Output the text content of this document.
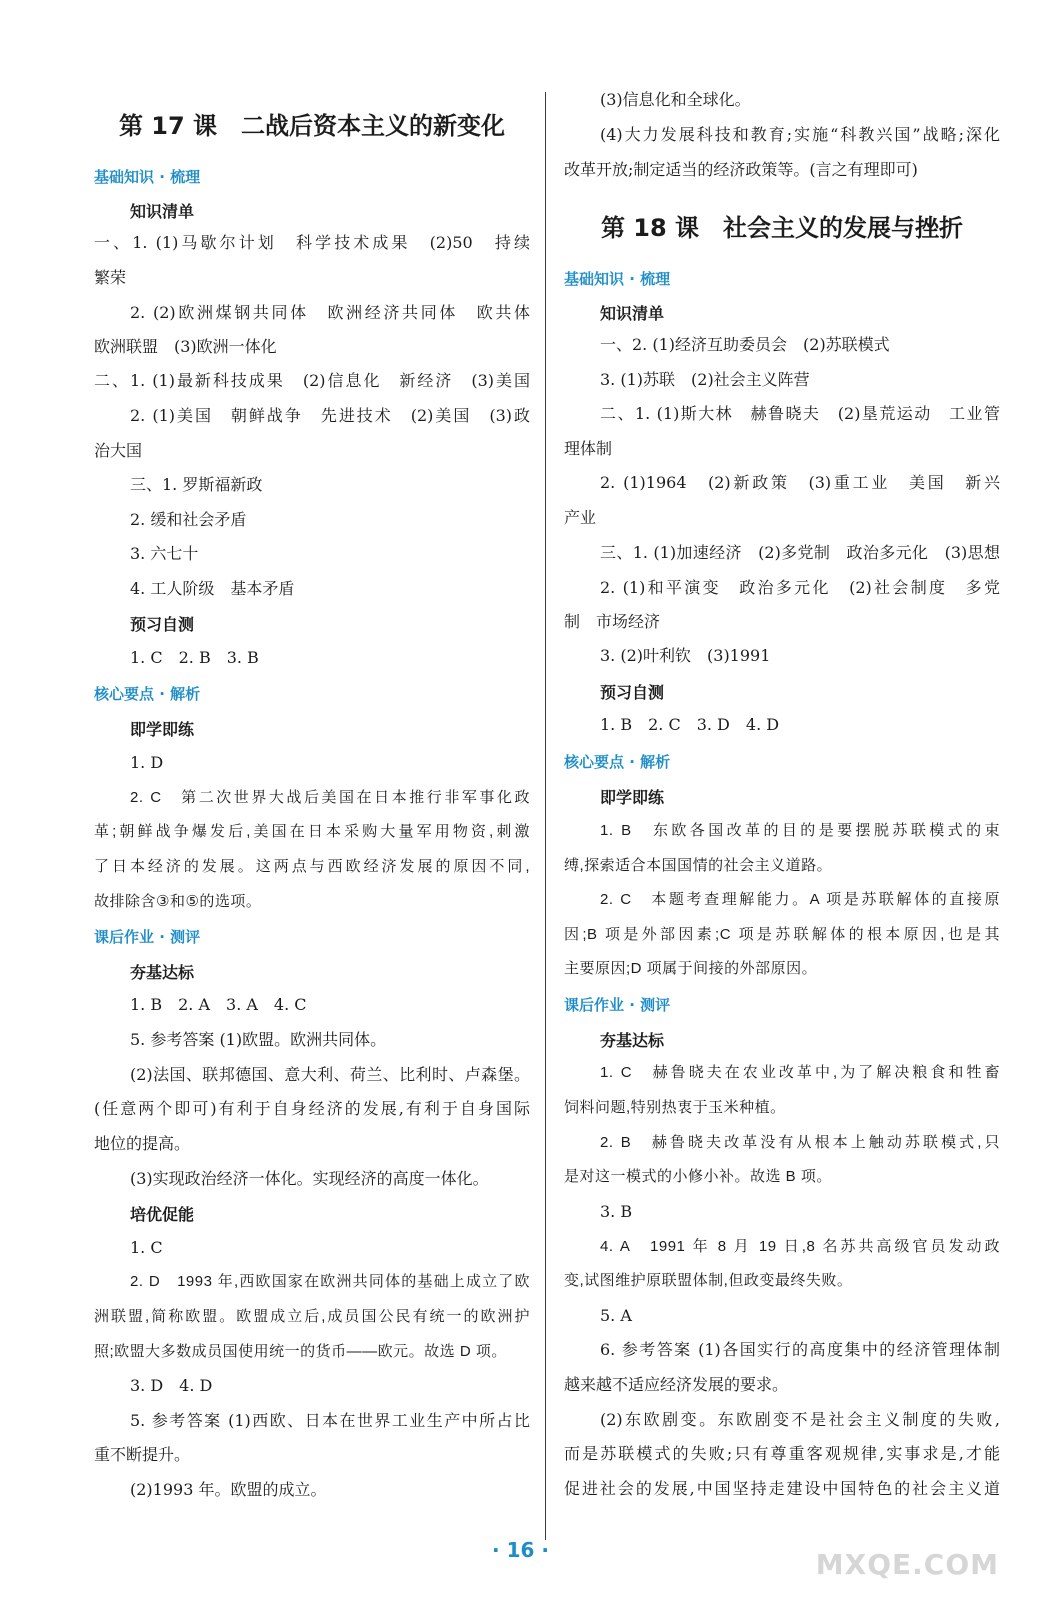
第 17 课　二战后资本主义的新变化
基础知识 · 梳理
知识清单
一、1. (1)马歇尔计划　科学技术成果　(2)50　持续
繁荣
2. (2)欧洲煤钢共同体　欧洲经济共同体　欧共体
欧洲联盟　(3)欧洲一体化
二、1. (1)最新科技成果　(2)信息化　新经济　(3)美国
2. (1)美国　朝鲜战争　先进技术　(2)美国　(3)政
治大国
三、1. 罗斯福新政
2. 缓和社会矛盾
3. 六七十
4. 工人阶级　基本矛盾
预习自测
1. C　2. B　3. B
核心要点 · 解析
即学即练
1. D
2. C　第二次世界大战后美国在日本推行非军事化政
革;朝鲜战争爆发后,美国在日本采购大量军用物资,刺激
了日本经济的发展。这两点与西欧经济发展的原因不同,
故排除含③和⑤的选项。
课后作业 · 测评
夯基达标
1. B　2. A　3. A　4. C
5. 参考答案 (1)欧盟。欧洲共同体。
(2)法国、联邦德国、意大利、荷兰、比利时、卢森堡。
(任意两个即可)有利于自身经济的发展,有利于自身国际
地位的提高。
(3)实现政治经济一体化。实现经济的高度一体化。
培优促能
1. C
2. D　1993 年,西欧国家在欧洲共同体的基础上成立了欧
洲联盟,简称欧盟。欧盟成立后,成员国公民有统一的欧洲护
照;欧盟大多数成员国使用统一的货币——欧元。故选 D 项。
3. D　4. D
5. 参考答案 (1)西欧、日本在世界工业生产中所占比
重不断提升。
(2)1993 年。欧盟的成立。
(3)信息化和全球化。
(4)大力发展科技和教育;实施“科教兴国”战略;深化
改革开放;制定适当的经济政策等。(言之有理即可)
第 18 课　社会主义的发展与挫折
基础知识 · 梳理
知识清单
一、2. (1)经济互助委员会　(2)苏联模式
3. (1)苏联　(2)社会主义阵营
二、1. (1)斯大林　赫鲁晓夫　(2)垦荒运动　工业管
理体制
2. (1)1964　(2)新政策　(3)重工业　美国　新兴
产业
三、1. (1)加速经济　(2)多党制　政治多元化　(3)思想
2. (1)和平演变　政治多元化　(2)社会制度　多党
制　市场经济
3. (2)叶利钦　(3)1991
预习自测
1. B　2. C　3. D　4. D
核心要点 · 解析
即学即练
1. B　东欧各国改革的目的是要摆脱苏联模式的束
缚,探索适合本国国情的社会主义道路。
2. C　本题考查理解能力。A 项是苏联解体的直接原
因;B 项是外部因素;C 项是苏联解体的根本原因,也是其
主要原因;D 项属于间接的外部原因。
课后作业 · 测评
夯基达标
1. C　赫鲁晓夫在农业改革中,为了解决粮食和牲畜
饲料问题,特别热衷于玉米种植。
2. B　赫鲁晓夫改革没有从根本上触动苏联模式,只
是对这一模式的小修小补。故选 B 项。
3. B
4. A　1991 年 8 月 19 日,8 名苏共高级官员发动政
变,试图维护原联盟体制,但政变最终失败。
5. A
6. 参考答案 (1)各国实行的高度集中的经济管理体制
越来越不适应经济发展的要求。
(2)东欧剧变。东欧剧变不是社会主义制度的失败,
而是苏联模式的失败;只有尊重客观规律,实事求是,才能
促进社会的发展,中国坚持走建设中国特色的社会主义道
· 16 ·	MXQE.COM
